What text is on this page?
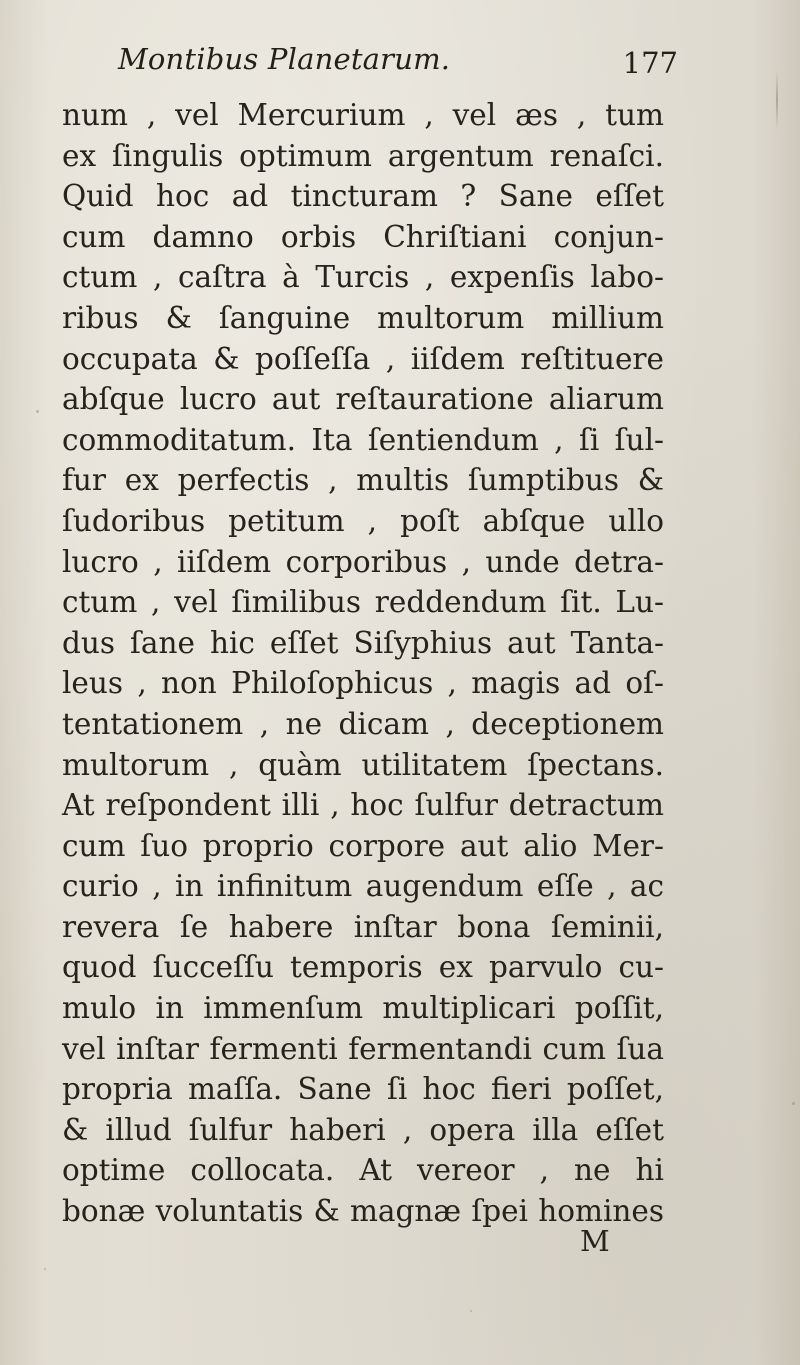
Montibus Planetarum.	177
num , vel Mercurium , vel æs , tum
ex ſingulis optimum argentum renaſci.
Quid hoc ad tincturam ? Sane eſſet
cum damno orbis Chriſtiani conjun-
ctum , caſtra à Turcis , expenſis labo-
ribus & ſanguine multorum millium
occupata & poſſeſſa , iiſdem reſtituere
abſque lucro aut reſtauratione aliarum
commoditatum. Ita ſentiendum , ſi ſul-
fur ex perfectis , multis ſumptibus &
ſudoribus petitum , poſt abſque ullo
lucro , iiſdem corporibus , unde detra-
ctum , vel ſimilibus reddendum ſit. Lu-
dus ſane hic eſſet Siſyphius aut Tanta-
leus , non Philoſophicus , magis ad oſ-
tentationem , ne dicam , deceptionem
multorum , quàm utilitatem ſpectans.
At reſpondent illi , hoc ſulfur detractum
cum ſuo proprio corpore aut alio Mer-
curio , in infinitum augendum eſſe , ac
revera ſe habere inſtar bona ſeminii,
quod ſucceſſu temporis ex parvulo cu-
mulo in immenſum multiplicari poſſit,
vel inſtar fermenti fermentandi cum ſua
propria maſſa. Sane ſi hoc fieri poſſet,
& illud ſulfur haberi , opera illa eſſet
optime collocata. At vereor , ne hi
bonæ voluntatis & magnæ ſpei homines
M
